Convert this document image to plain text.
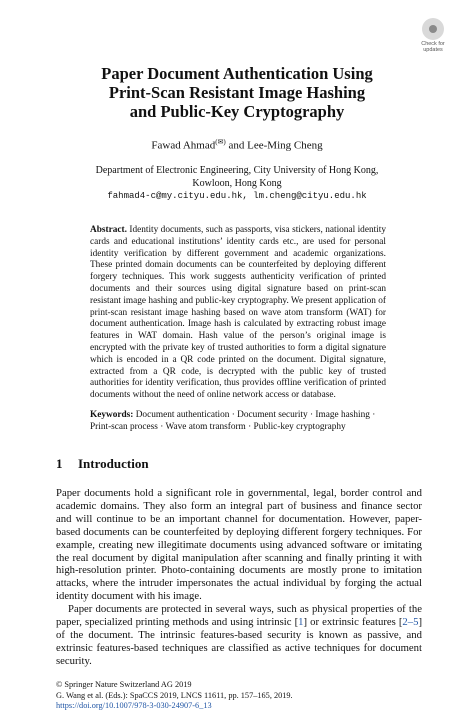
Check for
updates
Paper Document Authentication Using
Print-Scan Resistant Image Hashing
and Public-Key Cryptography
Fawad Ahmad(✉) and Lee-Ming Cheng
Department of Electronic Engineering, City University of Hong Kong,
Kowloon, Hong Kong
fahmad4-c@my.cityu.edu.hk, lm.cheng@cityu.edu.hk
Abstract. Identity documents, such as passports, visa stickers, national identity cards and educational institutions’ identity cards etc., are used for personal identity verification by different government and academic organizations. These printed domain documents can be counterfeited by deploying different forgery techniques. This work suggests authenticity verification of printed documents and their sources using digital signature based on print-scan resistant image hashing and public-key cryptography. We present application of print-scan resistant image hashing based on wave atom transform (WAT) for document authentication. Image hash is calculated by extracting robust image features in WAT domain. Hash value of the person’s original image is encrypted with the private key of trusted authorities to form a digital signature which is encoded in a QR code printed on the document. Digital signature, extracted from a QR code, is decrypted with the public key of trusted authorities for identity verification, thus provides offline verification of printed documents without the need of online network access or database.
Keywords: Document authentication · Document security · Image hashing · Print-scan process · Wave atom transform · Public-key cryptography
1 Introduction

Paper documents hold a significant role in governmental, legal, border control and academic domains. They also form an integral part of business and finance sector and will continue to be an important channel for documentation. However, paper-based documents can be counterfeited by deploying different forgery techniques. For example, creating new illegitimate documents using advanced software or imitating the real document by digital manipulation after scanning and finally printing it with high-resolution printer. Photo-containing documents are mostly prone to imitation attacks, where the intruder impersonates the actual individual by forging the actual identity document with his image.

Paper documents are protected in several ways, such as physical properties of the paper, specialized printing methods and using intrinsic [1] or extrinsic features [2–5] of the document. The intrinsic features-based security is known as passive, and extrinsic features-based techniques are classified as active techniques for document security.

© Springer Nature Switzerland AG 2019
G. Wang et al. (Eds.): SpaCCS 2019, LNCS 11611, pp. 157–165, 2019.
https://doi.org/10.1007/978-3-030-24907-6_13
